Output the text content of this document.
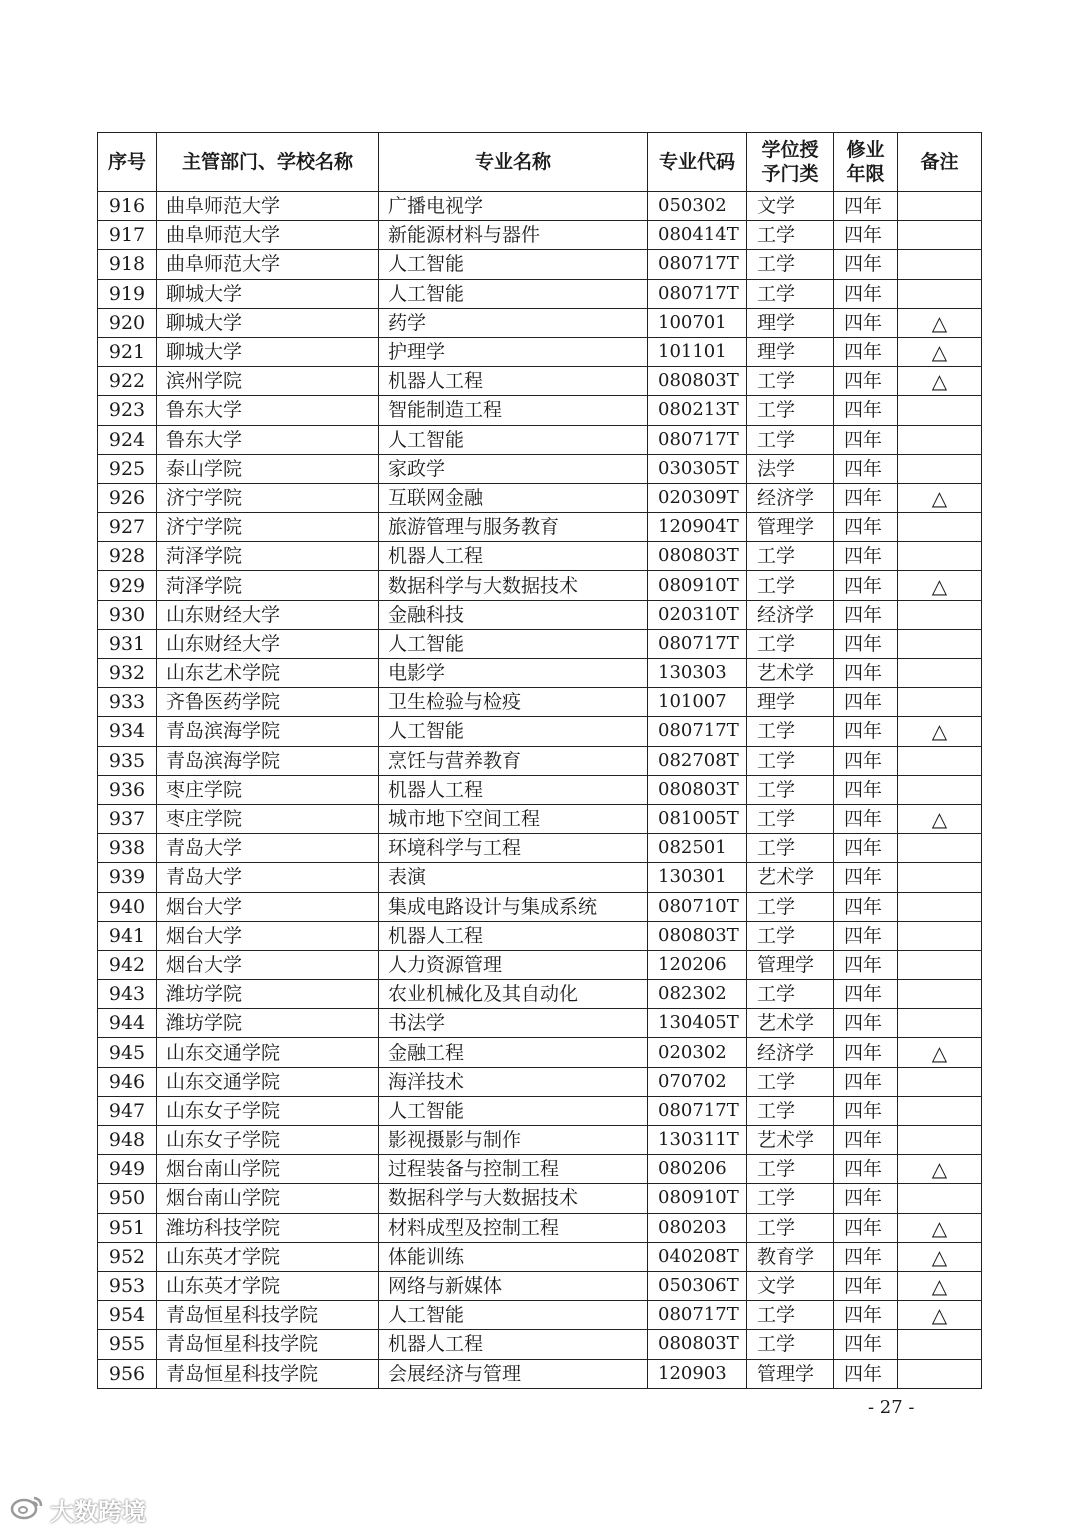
序号	主管部门、学校名称	专业名称	专业代码	学位授予门类	修业年限	备注
916	曲阜师范大学	广播电视学	050302	文学	四年	
917	曲阜师范大学	新能源材料与器件	080414T	工学	四年	
918	曲阜师范大学	人工智能	080717T	工学	四年	
919	聊城大学	人工智能	080717T	工学	四年	
920	聊城大学	药学	100701	理学	四年	△
921	聊城大学	护理学	101101	理学	四年	△
922	滨州学院	机器人工程	080803T	工学	四年	△
923	鲁东大学	智能制造工程	080213T	工学	四年	
924	鲁东大学	人工智能	080717T	工学	四年	
925	泰山学院	家政学	030305T	法学	四年	
926	济宁学院	互联网金融	020309T	经济学	四年	△
927	济宁学院	旅游管理与服务教育	120904T	管理学	四年	
928	菏泽学院	机器人工程	080803T	工学	四年	
929	菏泽学院	数据科学与大数据技术	080910T	工学	四年	△
930	山东财经大学	金融科技	020310T	经济学	四年	
931	山东财经大学	人工智能	080717T	工学	四年	
932	山东艺术学院	电影学	130303	艺术学	四年	
933	齐鲁医药学院	卫生检验与检疫	101007	理学	四年	
934	青岛滨海学院	人工智能	080717T	工学	四年	△
935	青岛滨海学院	烹饪与营养教育	082708T	工学	四年	
936	枣庄学院	机器人工程	080803T	工学	四年	
937	枣庄学院	城市地下空间工程	081005T	工学	四年	△
938	青岛大学	环境科学与工程	082501	工学	四年	
939	青岛大学	表演	130301	艺术学	四年	
940	烟台大学	集成电路设计与集成系统	080710T	工学	四年	
941	烟台大学	机器人工程	080803T	工学	四年	
942	烟台大学	人力资源管理	120206	管理学	四年	
943	潍坊学院	农业机械化及其自动化	082302	工学	四年	
944	潍坊学院	书法学	130405T	艺术学	四年	
945	山东交通学院	金融工程	020302	经济学	四年	△
946	山东交通学院	海洋技术	070702	工学	四年	
947	山东女子学院	人工智能	080717T	工学	四年	
948	山东女子学院	影视摄影与制作	130311T	艺术学	四年	
949	烟台南山学院	过程装备与控制工程	080206	工学	四年	△
950	烟台南山学院	数据科学与大数据技术	080910T	工学	四年	
951	潍坊科技学院	材料成型及控制工程	080203	工学	四年	△
952	山东英才学院	体能训练	040208T	教育学	四年	△
953	山东英才学院	网络与新媒体	050306T	文学	四年	△
954	青岛恒星科技学院	人工智能	080717T	工学	四年	△
955	青岛恒星科技学院	机器人工程	080803T	工学	四年	
956	青岛恒星科技学院	会展经济与管理	120903	管理学	四年	
- 27 -
大数跨境
